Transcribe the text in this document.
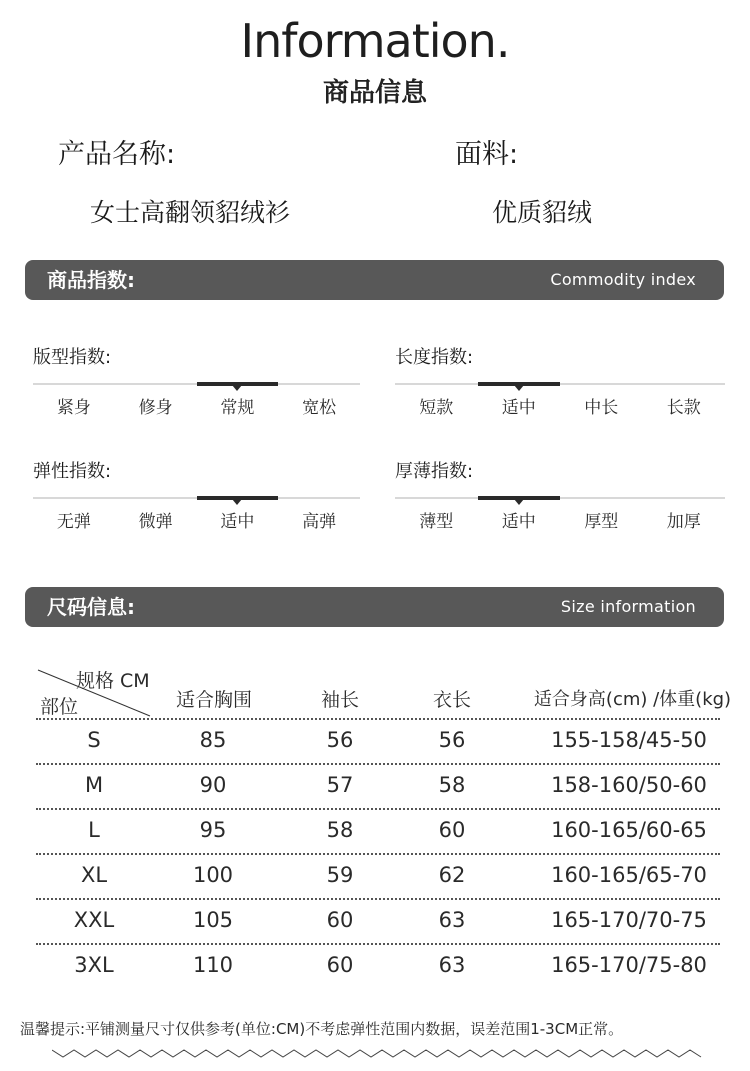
Information.
商品信息
产品名称:
女士高翻领貂绒衫
面料:
优质貂绒
商品指数:	Commodity index
版型指数:
紧身	修身	常规	宽松
长度指数:
短款	适中	中长	长款
弹性指数:
无弹	微弹	适中	高弹
厚薄指数:
薄型	适中	厚型	加厚
尺码信息:	Size information
规格 CM
部位	适合胸围	袖长	衣长	适合身高(cm) /体重(kg)
S	85	56	56	155-158/45-50
M	90	57	58	158-160/50-60
L	95	58	60	160-165/60-65
XL	100	59	62	160-165/65-70
XXL	105	60	63	165-170/70-75
3XL	110	60	63	165-170/75-80
温馨提示:平铺测量尺寸仅供参考(单位:CM)不考虑弹性范围内数据，误差范围1-3CM正常。
